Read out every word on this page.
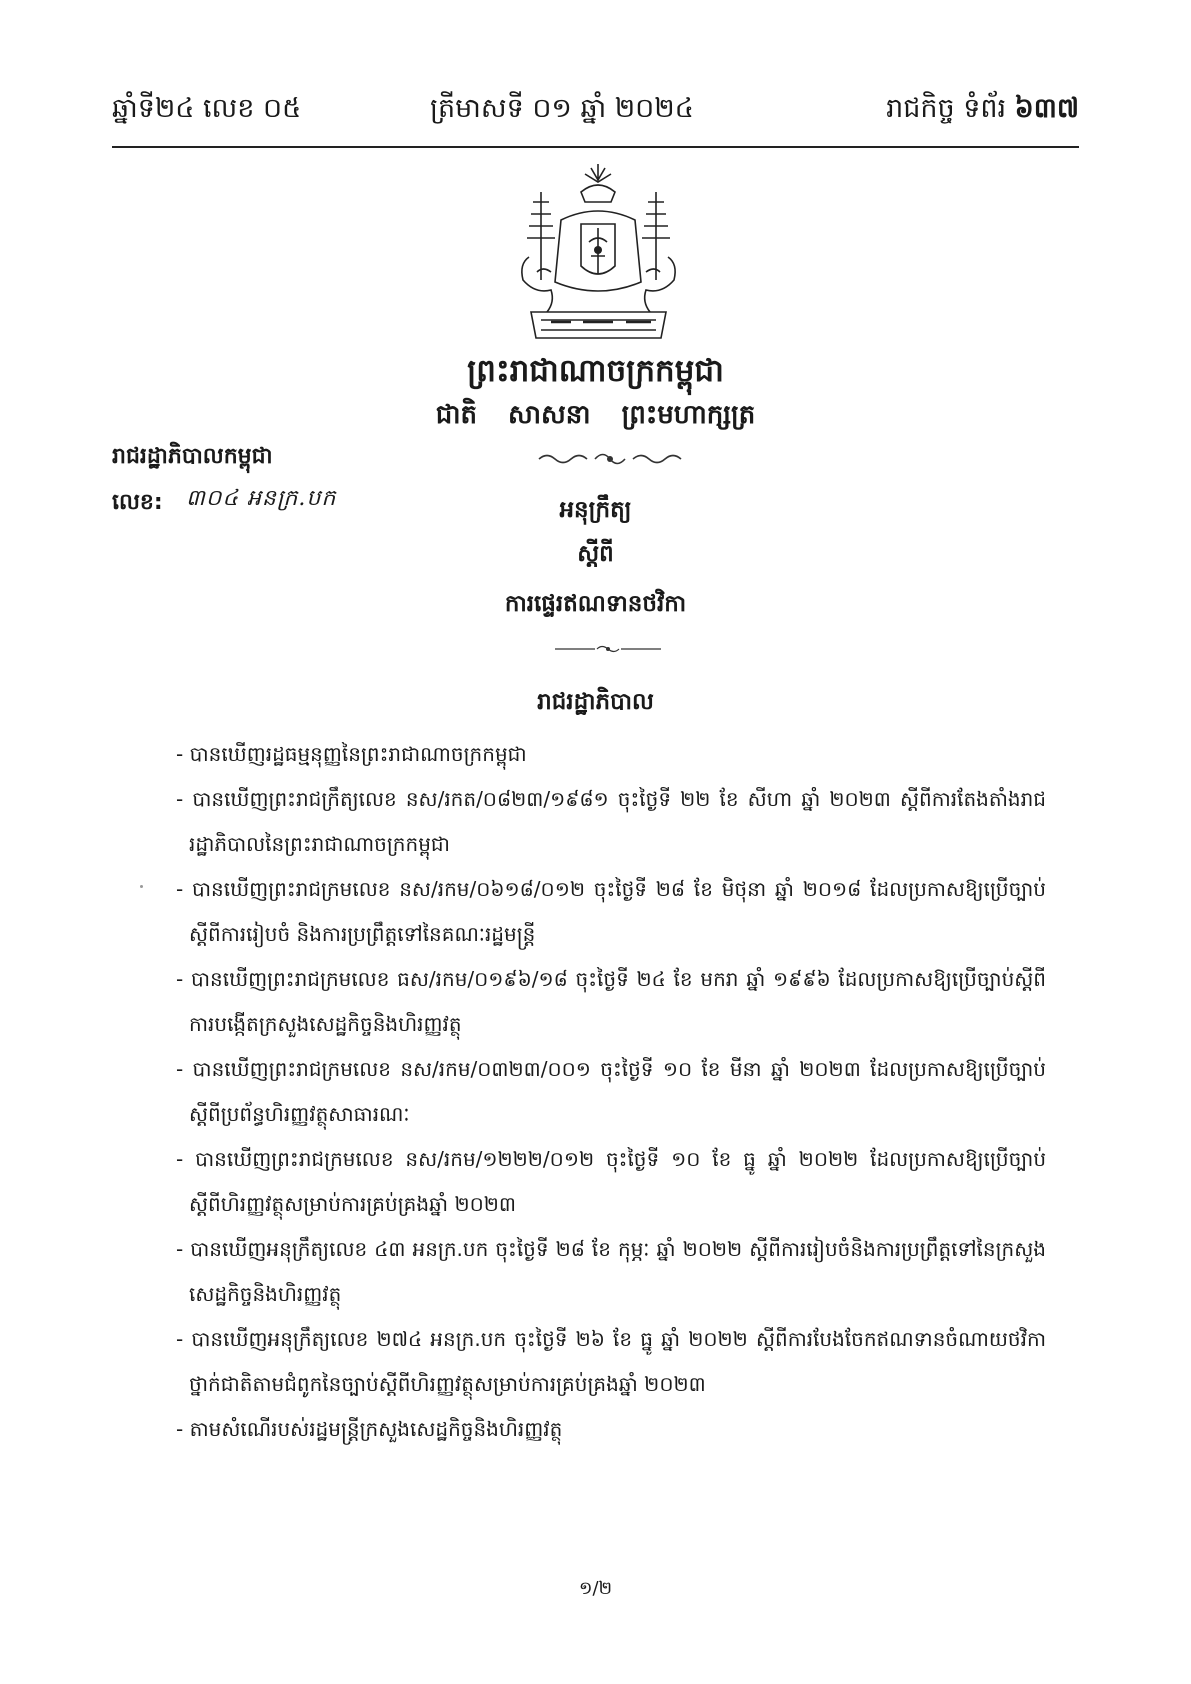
ឆ្នាំទី២៤ លេខ ០៥	ត្រីមាសទី ០១ ឆ្នាំ ២០២៤	រាជកិច្ច ទំព័រ ៦៣៧
ព្រះរាជាណាចក្រកម្ពុជា
ជាតិ សាសនា ព្រះមហាក្សត្រ
រាជរដ្ឋាភិបាលកម្ពុជា
លេខ: ៣០៤ អនក្រ.បក	អនុក្រឹត្យ
ស្តីពី
ការផ្ទេរឥណទានថវិកា
រាជរដ្ឋាភិបាល
- បានឃើញរដ្ឋធម្មនុញ្ញនៃព្រះរាជាណាចក្រកម្ពុជា
- បានឃើញព្រះរាជក្រឹត្យលេខ នស/រកត/០៨២៣/១៩៨១ ចុះថ្ងៃទី ២២ ខែ សីហា ឆ្នាំ ២០២៣ ស្តីពីការតែងតាំងរាជរដ្ឋាភិបាលនៃព្រះរាជាណាចក្រកម្ពុជា
- បានឃើញព្រះរាជក្រមលេខ នស/រកម/០៦១៨/០១២ ចុះថ្ងៃទី ២៨ ខែ មិថុនា ឆ្នាំ ២០១៨ ដែលប្រកាសឱ្យប្រើច្បាប់ស្តីពីការរៀបចំ និងការប្រព្រឹត្តទៅនៃគណៈរដ្ឋមន្ត្រី
- បានឃើញព្រះរាជក្រមលេខ ធស/រកម/០១៩៦/១៨ ចុះថ្ងៃទី ២៤ ខែ មករា ឆ្នាំ ១៩៩៦ ដែលប្រកាសឱ្យប្រើច្បាប់ស្តីពីការបង្កើតក្រសួងសេដ្ឋកិច្ចនិងហិរញ្ញវត្ថុ
- បានឃើញព្រះរាជក្រមលេខ នស/រកម/០៣២៣/០០១ ចុះថ្ងៃទី ១០ ខែ មីនា ឆ្នាំ ២០២៣ ដែលប្រកាសឱ្យប្រើច្បាប់ស្តីពីប្រព័ន្ធហិរញ្ញវត្ថុសាធារណៈ
- បានឃើញព្រះរាជក្រមលេខ នស/រកម/១២២២/០១២ ចុះថ្ងៃទី ១០ ខែ ធ្នូ ឆ្នាំ ២០២២ ដែលប្រកាសឱ្យប្រើច្បាប់ស្តីពីហិរញ្ញវត្ថុសម្រាប់ការគ្រប់គ្រងឆ្នាំ ២០២៣
- បានឃើញអនុក្រឹត្យលេខ ៤៣ អនក្រ.បក ចុះថ្ងៃទី ២៨ ខែ កុម្ភៈ ឆ្នាំ ២០២២ ស្តីពីការរៀបចំនិងការប្រព្រឹត្តទៅនៃក្រសួងសេដ្ឋកិច្ចនិងហិរញ្ញវត្ថុ
- បានឃើញអនុក្រឹត្យលេខ ២៧៤ អនក្រ.បក ចុះថ្ងៃទី ២៦ ខែ ធ្នូ ឆ្នាំ ២០២២ ស្តីពីការបែងចែកឥណទានចំណាយថវិកាថ្នាក់ជាតិតាមជំពូកនៃច្បាប់ស្តីពីហិរញ្ញវត្ថុសម្រាប់ការគ្រប់គ្រងឆ្នាំ ២០២៣
- តាមសំណើរបស់រដ្ឋមន្ត្រីក្រសួងសេដ្ឋកិច្ចនិងហិរញ្ញវត្ថុ
១/២
